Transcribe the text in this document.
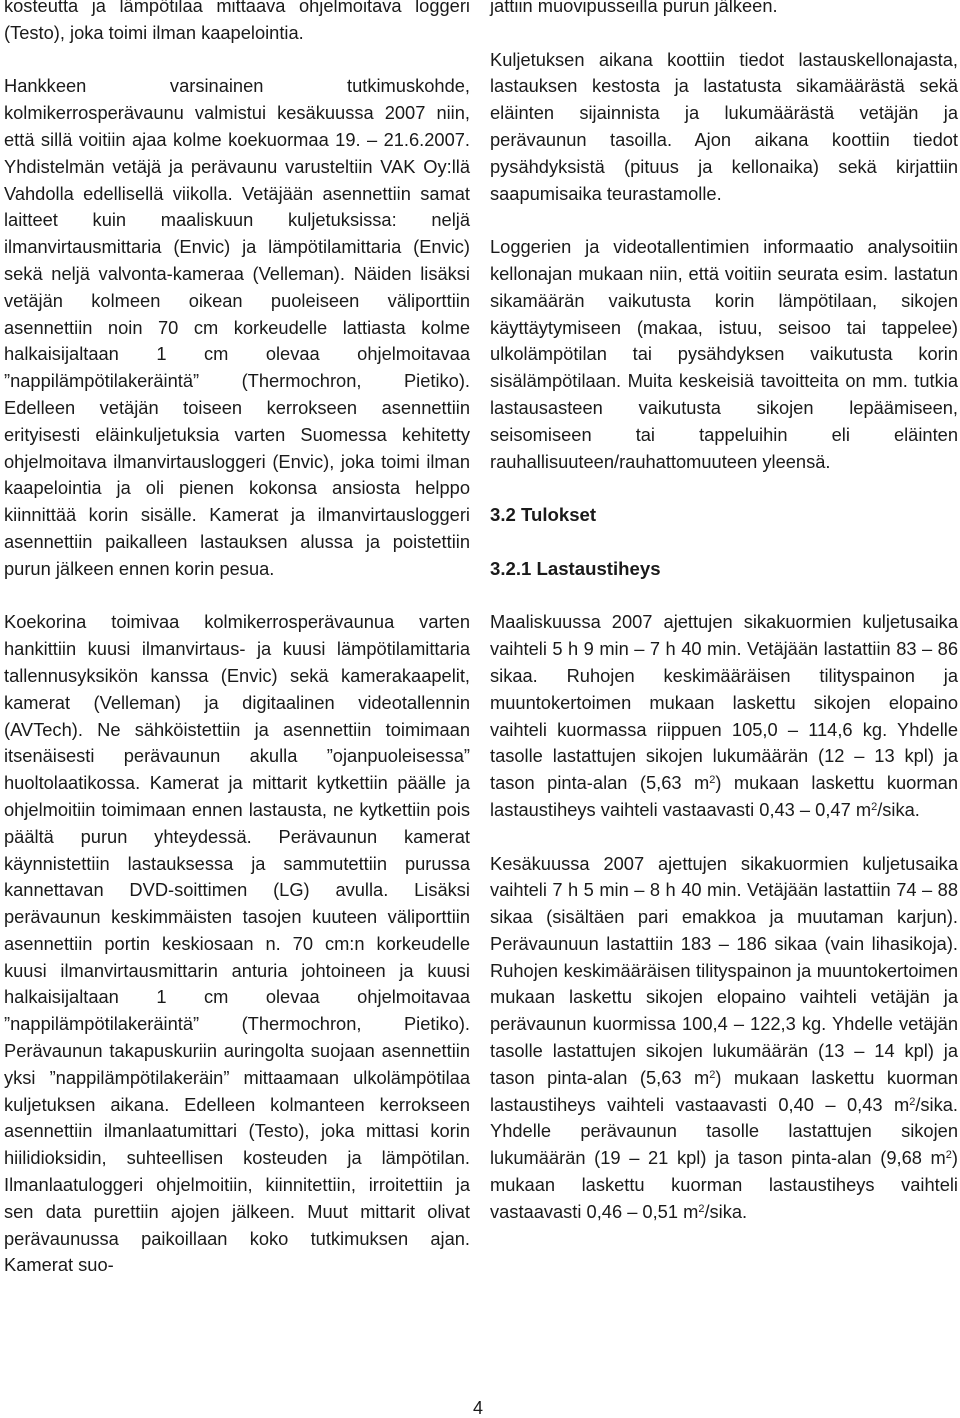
kosteutta ja lämpötilaa mittaava ohjelmoitava loggeri (Testo), joka toimi ilman kaapelointia.

Hankkeen varsinainen tutkimuskohde, kolmikerrosperävaunu valmistui kesäkuussa 2007 niin, että sillä voitiin ajaa kolme koekuormaa 19. – 21.6.2007. Yhdistelmän vetäjä ja perävaunu varusteltiin VAK Oy:llä Vahdolla edellisellä viikolla. Vetäjään asennettiin samat laitteet kuin maaliskuun kuljetuksissa: neljä ilmanvirtausmittaria (Envic) ja lämpötilamittaria (Envic) sekä neljä valvonta-kameraa (Velleman). Näiden lisäksi vetäjän kolmeen oikean puoleiseen väliporttiin asennettiin noin 70 cm korkeudelle lattiasta kolme halkaisijaltaan 1 cm olevaa ohjelmoitavaa ”nappilämpötilakeräintä” (Thermochron, Pietiko). Edelleen vetäjän toiseen kerrokseen asennettiin erityisesti eläinkuljetuksia varten Suomessa kehitetty ohjelmoitava ilmanvirtausloggeri (Envic), joka toimi ilman kaapelointia ja oli pienen kokonsa ansiosta helppo kiinnittää korin sisälle. Kamerat ja ilmanvirtausloggeri asennettiin paikalleen lastauksen alussa ja poistettiin purun jälkeen ennen korin pesua.

Koekorina toimivaa kolmikerrosperävaunua varten hankittiin kuusi ilmanvirtaus- ja kuusi lämpötilamittaria tallennusyksikön kanssa (Envic) sekä kamerakaapelit, kamerat (Velleman) ja digitaalinen videotallennin (AVTech). Ne sähköistettiin ja asennettiin toimimaan itsenäisesti perävaunun akulla ”ojanpuoleisessa” huoltolaatikossa. Kamerat ja mittarit kytkettiin päälle ja ohjelmoitiin toimimaan ennen lastausta, ne kytkettiin pois päältä purun yhteydessä. Perävaunun kamerat käynnistettiin lastauksessa ja sammutettiin purussa kannettavan DVD-soittimen (LG) avulla. Lisäksi perävaunun keskimmäisten tasojen kuuteen väliporttiin asennettiin portin keskiosaan n. 70 cm:n korkeudelle kuusi ilmanvirtausmittarin anturia johtoineen ja kuusi halkaisijaltaan 1 cm olevaa ohjelmoitavaa ”nappilämpötilakeräintä” (Thermochron, Pietiko). Perävaunun takapuskuriin auringolta suojaan asennettiin yksi ”nappilämpötilakeräin” mittaamaan ulkolämpötilaa kuljetuksen aikana. Edelleen kolmanteen kerrokseen asennettiin ilmanlaatumittari (Testo), joka mittasi korin hiilidioksidin, suhteellisen kosteuden ja lämpötilan. Ilmanlaatuloggeri ohjelmoitiin, kiinnitettiin, irroitettiin ja sen data purettiin ajojen jälkeen. Muut mittarit olivat perävaunussa paikoillaan koko tutkimuksen ajan. Kamerat suo-

jattiin muovipusseilla purun jälkeen.

Kuljetuksen aikana koottiin tiedot lastauskellonajasta, lastauksen kestosta ja lastatusta sikamäärästä sekä eläinten sijainnista ja lukumäärästä vetäjän ja perävaunun tasoilla. Ajon aikana koottiin tiedot pysähdyksistä (pituus ja kellonaika) sekä kirjattiin saapumisaika teurastamolle.

Loggerien ja videotallentimien informaatio analysoitiin kellonajan mukaan niin, että voitiin seurata esim. lastatun sikamäärän vaikutusta korin lämpötilaan, sikojen käyttäytymiseen (makaa, istuu, seisoo tai tappelee) ulkolämpötilan tai pysähdyksen vaikutusta korin sisälämpötilaan. Muita keskeisiä tavoitteita on mm. tutkia lastausasteen vaikutusta sikojen lepäämiseen, seisomiseen tai tappeluihin eli eläinten rauhallisuuteen/rauhattomuuteen yleensä.

3.2 Tulokset
3.2.1 Lastaustiheys

Maaliskuussa 2007 ajettujen sikakuormien kuljetusaika vaihteli 5 h 9 min – 7 h 40 min. Vetäjään lastattiin 83 – 86 sikaa. Ruhojen keskimääräisen tilityspainon ja muuntokertoimen mukaan laskettu sikojen elopaino vaihteli kuormassa riippuen 105,0 – 114,6 kg. Yhdelle tasolle lastattujen sikojen lukumäärän (12 – 13 kpl) ja tason pinta-alan (5,63 $m^2$) mukaan laskettu kuorman lastaustiheys vaihteli vastaavasti 0,43 – 0,47 $m^2$/sika.

Kesäkuussa 2007 ajettujen sikakuormien kuljetusaika vaihteli 7 h 5 min – 8 h 40 min. Vetäjään lastattiin 74 – 88 sikaa (sisältäen pari emakkoa ja muutaman karjun). Perävaunuun lastattiin 183 – 186 sikaa (vain lihasikoja). Ruhojen keskimääräisen tilityspainon ja muuntokertoimen mukaan laskettu sikojen elopaino vaihteli vetäjän ja perävaunun kuormissa 100,4 – 122,3 kg. Yhdelle vetäjän tasolle lastattujen sikojen lukumäärän (13 – 14 kpl) ja tason pinta-alan (5,63 $m^2$) mukaan laskettu kuorman lastaustiheys vaihteli vastaavasti 0,40 – 0,43 $m^2$/sika. Yhdelle perävaunun tasolle lastattujen sikojen lukumäärän (19 – 21 kpl) ja tason pinta-alan (9,68 $m^2$) mukaan laskettu kuorman lastaustiheys vaihteli vastaavasti 0,46 – 0,51 $m^2$/sika.

4
